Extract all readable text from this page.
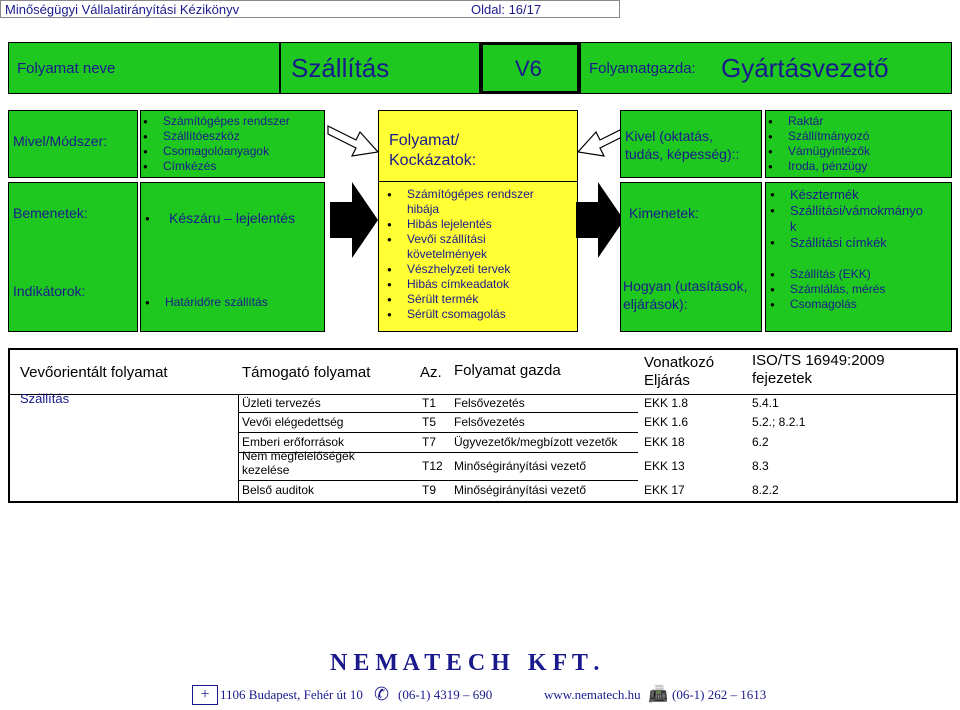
Minőségügyi Vállalatirányítási Kézikönyv	Oldal: 16/17
Folyamat neve	Szállítás	V6	Folyamatgazda: Gyártásvezető
Mivel/Módszer:
● Számítógépes rendszer
● Szállítóeszköz
● Csomagolóanyagok
● Címkézés
Folyamat/
Kockázatok:
● Számítógépes rendszer hibája
● Hibás lejelentés
● Vevői szállítási követelmények
● Vészhelyzeti tervek
● Hibás címkeadatok
● Sérült termék
● Sérült csomagolás
Kivel (oktatás,
tudás, képesség)::
● Raktár
● Szállítmányozó
● Vámügyintézők
● Iroda, pénzügy
Bemenetek:
Indikátorok:
● Készáru – lejelentés
● Határidőre szállítás
Kimenetek:
Hogyan (utasítások,
eljárások):
● Késztermék
● Szállítási/vámokmányo k
● Szállítási címkék
● Szállítás (EKK)
● Számlálás, mérés
● Csomagolás
Vevőorientált folyamat	Támogató folyamat	Az. Folyamat gazda	Vonatkozó
Eljárás
ISO/TS 16949:2009
fejezetek
Szállítás	Üzleti tervezés	T1 Felsővezetés	EKK 1.8	5.4.1
Vevői elégedettség	T5 Felsővezetés	EKK 1.6	5.2.; 8.2.1
Emberi erőforrások	T7 Ügyvezetők/megbízott vezetők EKK 18	6.2
Nem megfelelőségek kezelése	T12 Minőségirányítási vezető	EKK 13	8.3
Belső auditok	T9 Minőségirányítási vezető	EKK 17	8.2.2
N E M A T E C H   K F T .
+ 1106 Budapest, Fehér út 10 ✆ (06-1) 4319 – 690	www.nematech.hu 📠 (06-1) 262 – 1613
